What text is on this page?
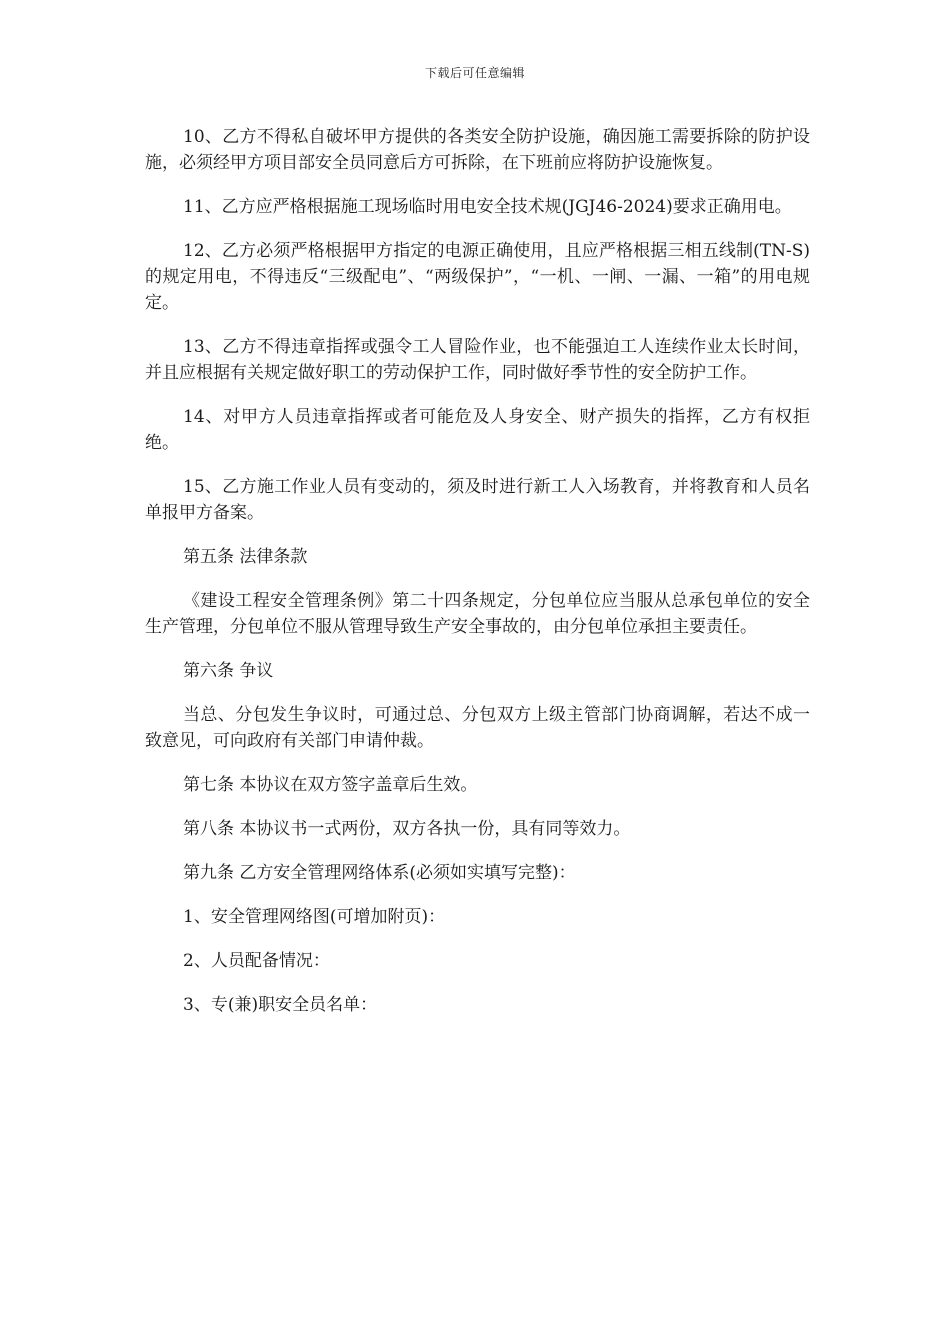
下载后可任意编辑

10、乙方不得私自破坏甲方提供的各类安全防护设施，确因施工需要拆除的防护设施，必须经甲方项目部安全员同意后方可拆除，在下班前应将防护设施恢复。

11、乙方应严格根据施工现场临时用电安全技术规(JGJ46-2024)要求正确用电。

12、乙方必须严格根据甲方指定的电源正确使用，且应严格根据三相五线制(TN-S)的规定用电，不得违反“三级配电”、“两级保护”，“一机、一闸、一漏、一箱”的用电规定。

13、乙方不得违章指挥或强令工人冒险作业，也不能强迫工人连续作业太长时间，并且应根据有关规定做好职工的劳动保护工作，同时做好季节性的安全防护工作。

14、对甲方人员违章指挥或者可能危及人身安全、财产损失的指挥，乙方有权拒绝。

15、乙方施工作业人员有变动的，须及时进行新工人入场教育，并将教育和人员名单报甲方备案。

第五条 法律条款

《建设工程安全管理条例》第二十四条规定，分包单位应当服从总承包单位的安全生产管理，分包单位不服从管理导致生产安全事故的，由分包单位承担主要责任。

第六条 争议

当总、分包发生争议时，可通过总、分包双方上级主管部门协商调解，若达不成一致意见，可向政府有关部门申请仲裁。

第七条 本协议在双方签字盖章后生效。

第八条 本协议书一式两份，双方各执一份，具有同等效力。

第九条 乙方安全管理网络体系(必须如实填写完整)：

1、安全管理网络图(可增加附页)：

2、人员配备情况：

3、专(兼)职安全员名单：
